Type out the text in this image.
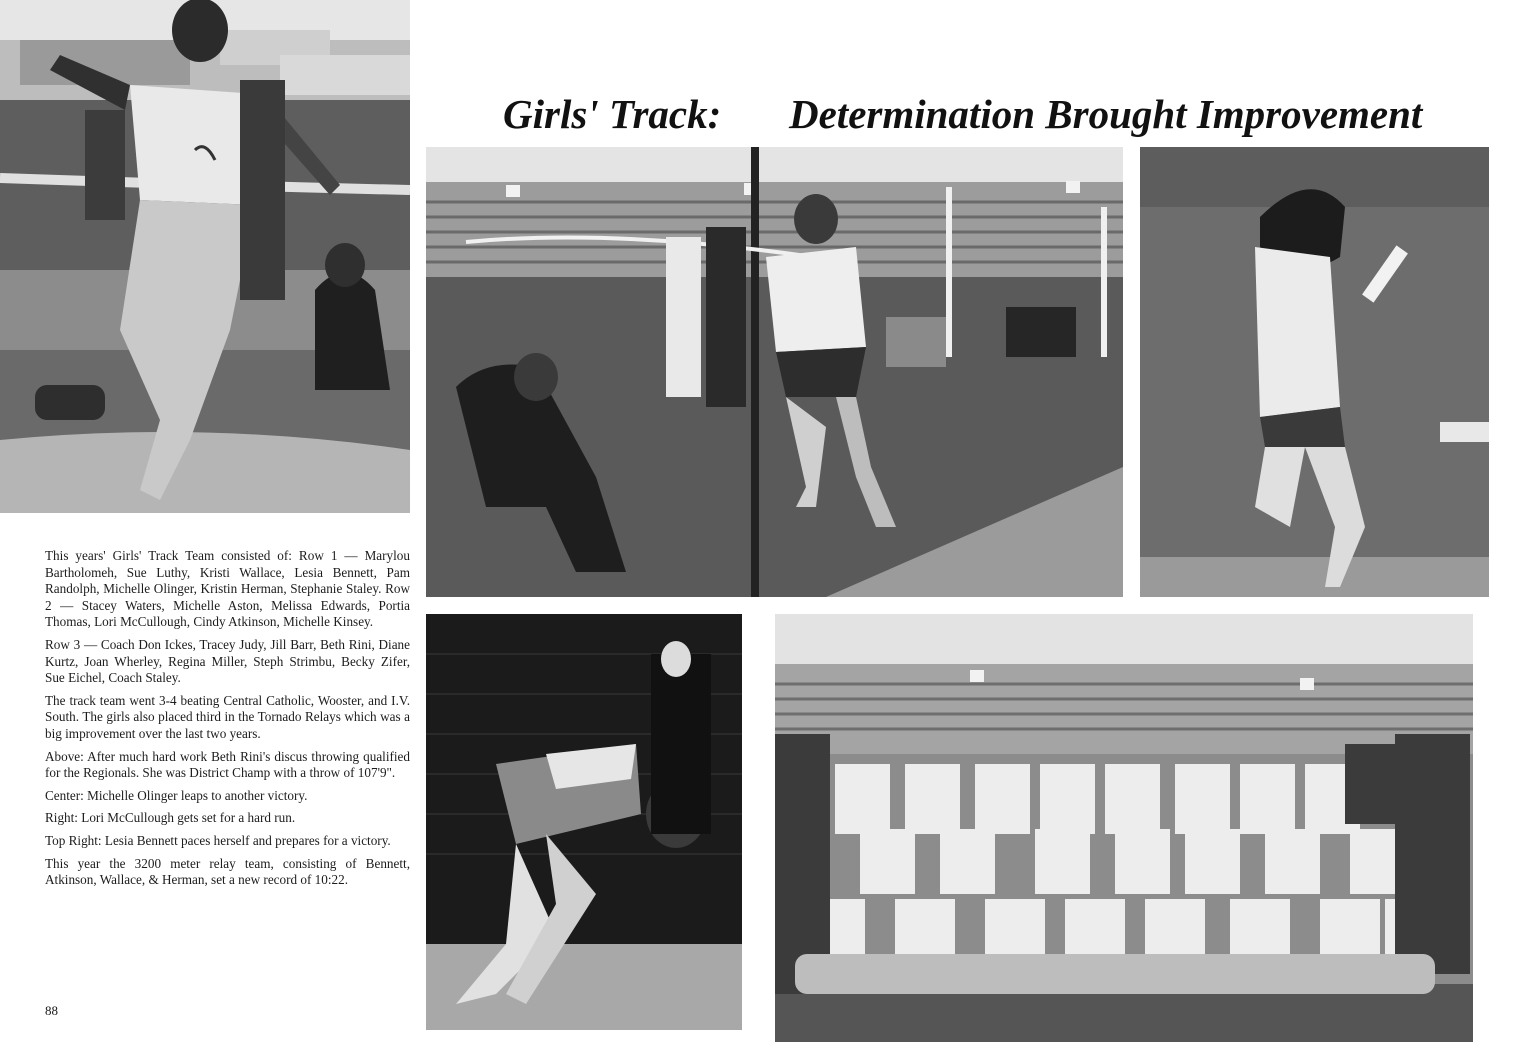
Girls' Track: Determination Brought Improvement

This years' Girls' Track Team consisted of: Row 1 — Marylou Bartholomeh, Sue Luthy, Kristi Wallace, Lesia Bennett, Pam Randolph, Michelle Olinger, Kristin Herman, Stephanie Staley. Row 2 — Stacey Waters, Michelle Aston, Melissa Edwards, Portia Thomas, Lori McCullough, Cindy Atkinson, Michelle Kinsey.

Row 3 — Coach Don Ickes, Tracey Judy, Jill Barr, Beth Rini, Diane Kurtz, Joan Wherley, Regina Miller, Steph Strimbu, Becky Zifer, Sue Eichel, Coach Staley.

The track team went 3-4 beating Central Catholic, Wooster, and I.V. South. The girls also placed third in the Tornado Relays which was a big improvement over the last two years.

Above: After much hard work Beth Rini's discus throwing qualified for the Regionals. She was District Champ with a throw of 107'9".

Center: Michelle Olinger leaps to another victory.

Right: Lori McCullough gets set for a hard run.

Top Right: Lesia Bennett paces herself and prepares for a victory.

This year the 3200 meter relay team, consisting of Bennett, Atkinson, Wallace, & Herman, set a new record of 10:22.

88
